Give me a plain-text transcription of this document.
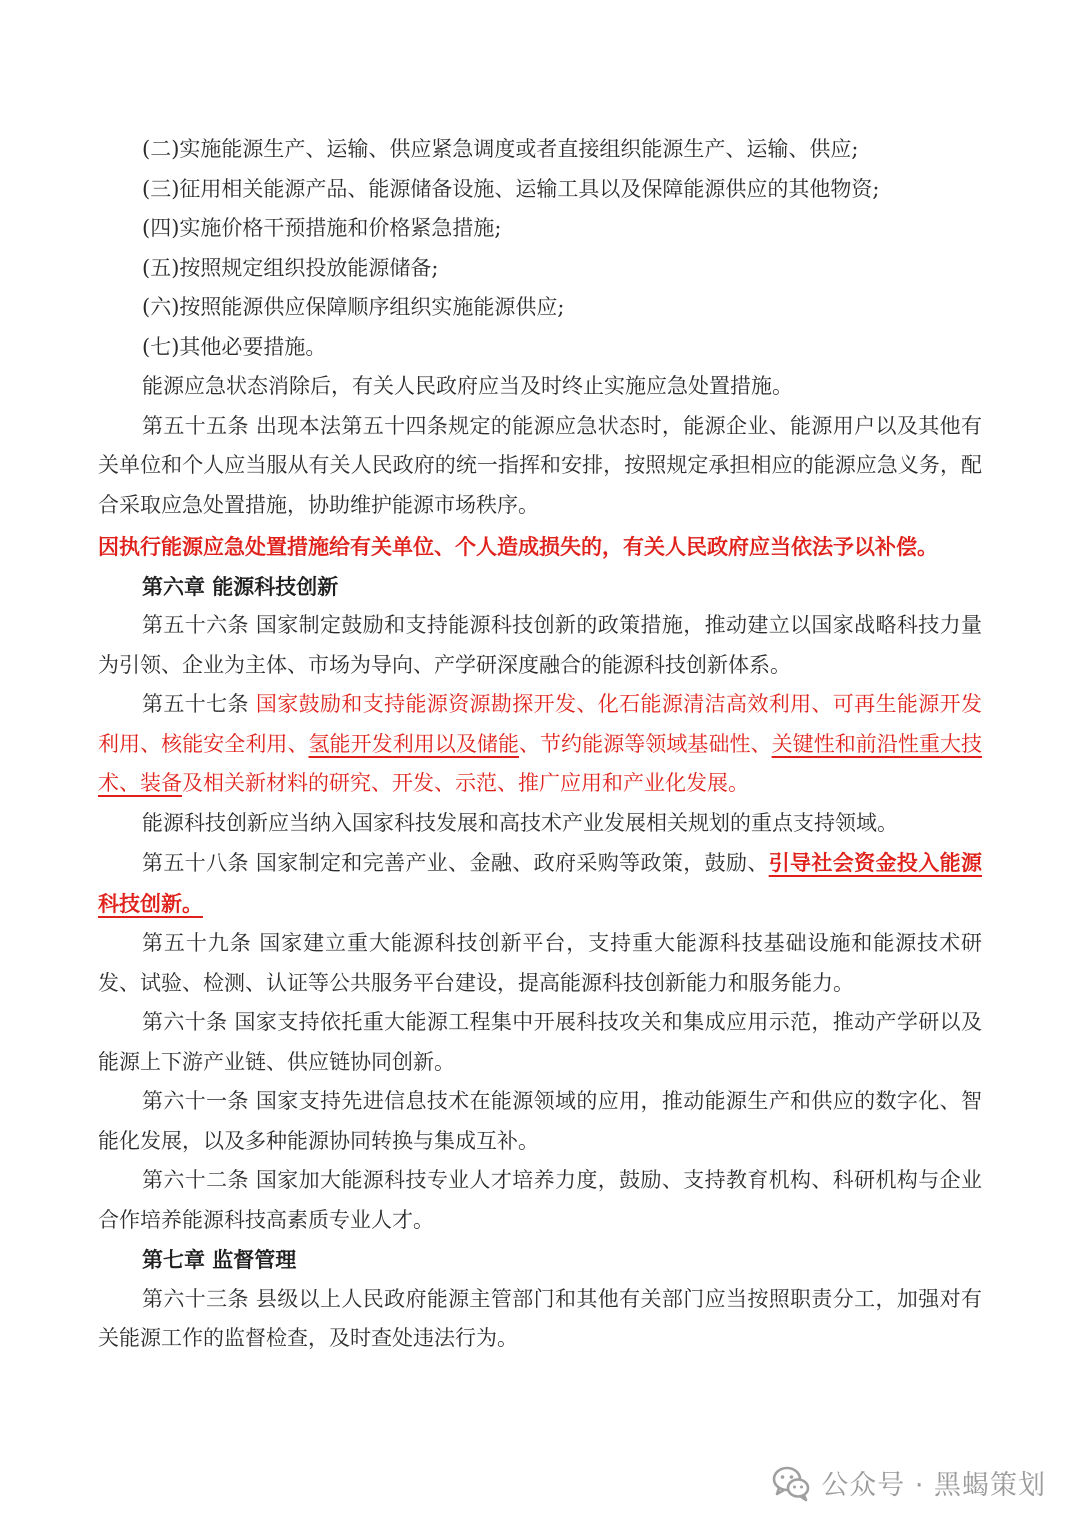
(二)实施能源生产、运输、供应紧急调度或者直接组织能源生产、运输、供应;

(三)征用相关能源产品、能源储备设施、运输工具以及保障能源供应的其他物资;

(四)实施价格干预措施和价格紧急措施;

(五)按照规定组织投放能源储备;

(六)按照能源供应保障顺序组织实施能源供应;

(七)其他必要措施。

能源应急状态消除后，有关人民政府应当及时终止实施应急处置措施。

第五十五条 出现本法第五十四条规定的能源应急状态时，能源企业、能源用户以及其他有关单位和个人应当服从有关人民政府的统一指挥和安排，按照规定承担相应的能源应急义务，配合采取应急处置措施，协助维护能源市场秩序。

因执行能源应急处置措施给有关单位、个人造成损失的，有关人民政府应当依法予以补偿。

第六章 能源科技创新

第五十六条 国家制定鼓励和支持能源科技创新的政策措施，推动建立以国家战略科技力量为引领、企业为主体、市场为导向、产学研深度融合的能源科技创新体系。

第五十七条 国家鼓励和支持能源资源勘探开发、化石能源清洁高效利用、可再生能源开发利用、核能安全利用、氢能开发利用以及储能、节约能源等领域基础性、关键性和前沿性重大技术、装备及相关新材料的研究、开发、示范、推广应用和产业化发展。

能源科技创新应当纳入国家科技发展和高技术产业发展相关规划的重点支持领域。

第五十八条 国家制定和完善产业、金融、政府采购等政策，鼓励、引导社会资金投入能源科技创新。

第五十九条 国家建立重大能源科技创新平台，支持重大能源科技基础设施和能源技术研发、试验、检测、认证等公共服务平台建设，提高能源科技创新能力和服务能力。

第六十条 国家支持依托重大能源工程集中开展科技攻关和集成应用示范，推动产学研以及能源上下游产业链、供应链协同创新。

第六十一条 国家支持先进信息技术在能源领域的应用，推动能源生产和供应的数字化、智能化发展，以及多种能源协同转换与集成互补。

第六十二条 国家加大能源科技专业人才培养力度，鼓励、支持教育机构、科研机构与企业合作培养能源科技高素质专业人才。

第七章 监督管理

第六十三条 县级以上人民政府能源主管部门和其他有关部门应当按照职责分工，加强对有关能源工作的监督检查，及时查处违法行为。

公众号 · 黑蝎策划
